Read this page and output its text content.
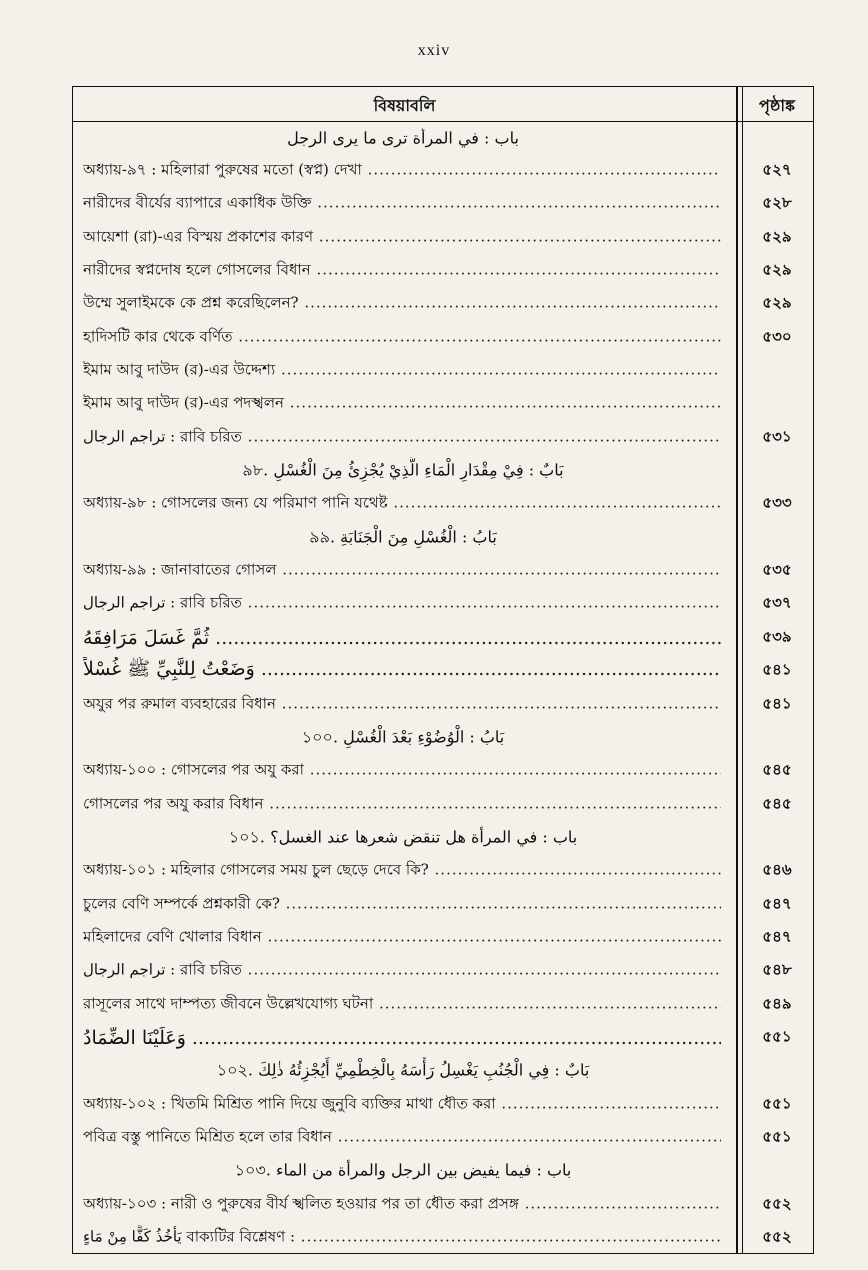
xxiv
বিষয়াবলি	পৃষ্ঠাঙ্ক
باب : في المرأة ترى ما يرى الرجل
অধ্যায়-৯৭ : মহিলারা পুরুষের মতো (স্বপ্ন) দেখা .....	৫২৭
নারীদের বীর্যের ব্যাপারে একাধিক উক্তি .....	৫২৮
আয়েশা (রা)-এর বিস্ময় প্রকাশের কারণ .....	৫২৯
নারীদের স্বপ্নদোষ হলে গোসলের বিধান .....	৫২৯
উম্মে সুলাইমকে কে প্রশ্ন করেছিলেন? .....	৫২৯
হাদিসটি কার থেকে বর্ণিত .....	৫৩০
ইমাম আবু দাউদ (র)-এর উদ্দেশ্য .....
ইমাম আবু দাউদ (র)-এর পদস্খলন .....
تراجم الرجال : রাবি চরিত .....	৫৩১
৯৮. بَابٌ : فِيْ مِقْدَارِ الْمَاءِ الَّذِيْ يُجْزِئُ مِنَ الْغُسْلِ
অধ্যায়-৯৮ : গোসলের জন্য যে পরিমাণ পানি যথেষ্ট .....	৫৩৩
৯৯. بَابُ : الْغُسْلِ مِنَ الْجَنَابَةِ
অধ্যায়-৯৯ : জানাবাতের গোসল .....	৫৩৫
تراجم الرجال : রাবি চরিত .....	৫৩৭
ثُمَّ غَسَلَ مَرَافِقَهُ .....	৫৩৯
وَضَعْتُ لِلنَّبِيِّ ﷺ غُسْلاً .....	৫৪১
অযুর পর রুমাল ব্যবহারের বিধান .....	৫৪১
১০০. بَابُ : الْوُضُوْءِ بَعْدَ الْغُسْلِ
অধ্যায়-১০০ : গোসলের পর অযু করা .....	৫৪৫
গোসলের পর অযু করার বিধান .....	৫৪৫
১০১. باب : في المرأة هل تنقض شعرها عند الغسل؟
অধ্যায়-১০১ : মহিলার গোসলের সময় চুল ছেড়ে দেবে কি? .....	৫৪৬
চুলের বেণি সম্পর্কে প্রশ্নকারী কে? .....	৫৪৭
মহিলাদের বেণি খোলার বিধান .....	৫৪৭
تراجم الرجال : রাবি চরিত .....	৫৪৮
রাসূলের সাথে দাম্পত্য জীবনে উল্লেখযোগ্য ঘটনা .....	৫৪৯
وَعَلَيْنَا الضِّمَادُ .....	৫৫১
১০২. بَابٌ : فِي الْجُنُبِ يَغْسِلُ رَأْسَهُ بِالْخِطْمِيِّ أَيُجْزِئُهُ ذٰلِكَ
অধ্যায়-১০২ : খিতমি মিশ্রিত পানি দিয়ে জুনুবি ব্যক্তির মাথা ধৌত করা .....	৫৫১
পবিত্র বস্তু পানিতে মিশ্রিত হলে তার বিধান .....	৫৫১
১০৩. باب : فيما يفيض بين الرجل والمرأة من الماء
অধ্যায়-১০৩ : নারী ও পুরুষের বীর্য স্খলিত হওয়ার পর তা ধৌত করা প্রসঙ্গ .....	৫৫২
يَأْخُذُ كَفًّا مِنْ مَاءٍ বাক্যটির বিশ্লেষণ : .....	৫৫২
